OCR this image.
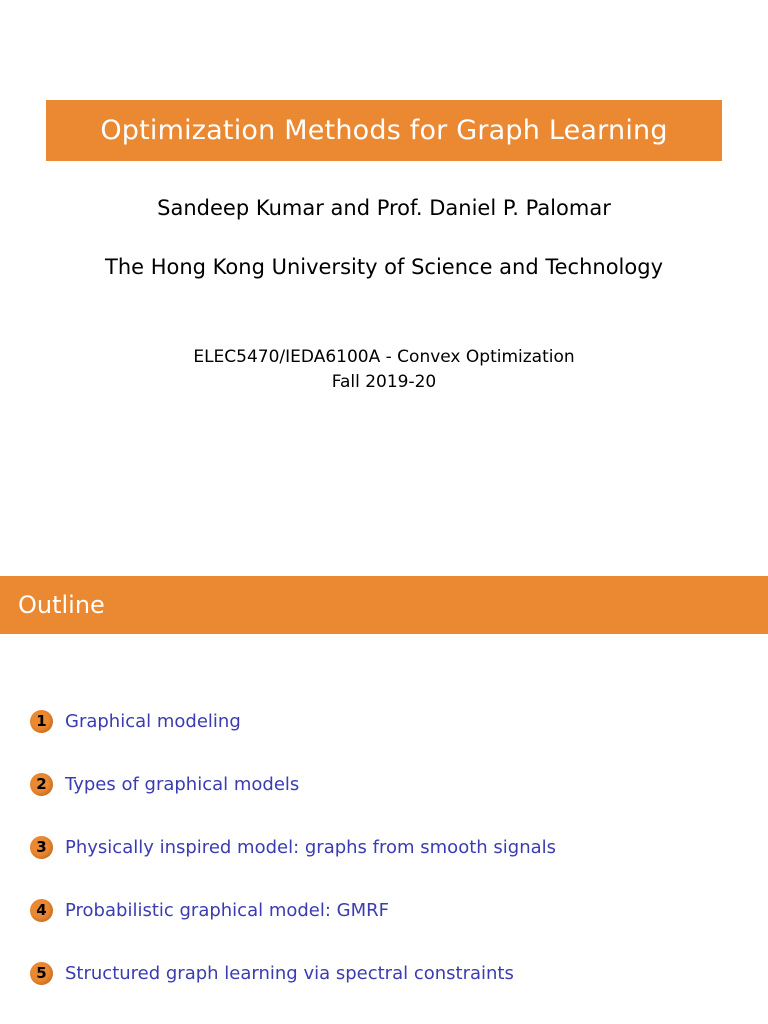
Optimization Methods for Graph Learning
Sandeep Kumar and Prof. Daniel P. Palomar
The Hong Kong University of Science and Technology
ELEC5470/IEDA6100A - Convex Optimization
Fall 2019-20
Outline
1	Graphical modeling
2	Types of graphical models
3	Physically inspired model: graphs from smooth signals
4	Probabilistic graphical model: GMRF
5	Structured graph learning via spectral constraints
